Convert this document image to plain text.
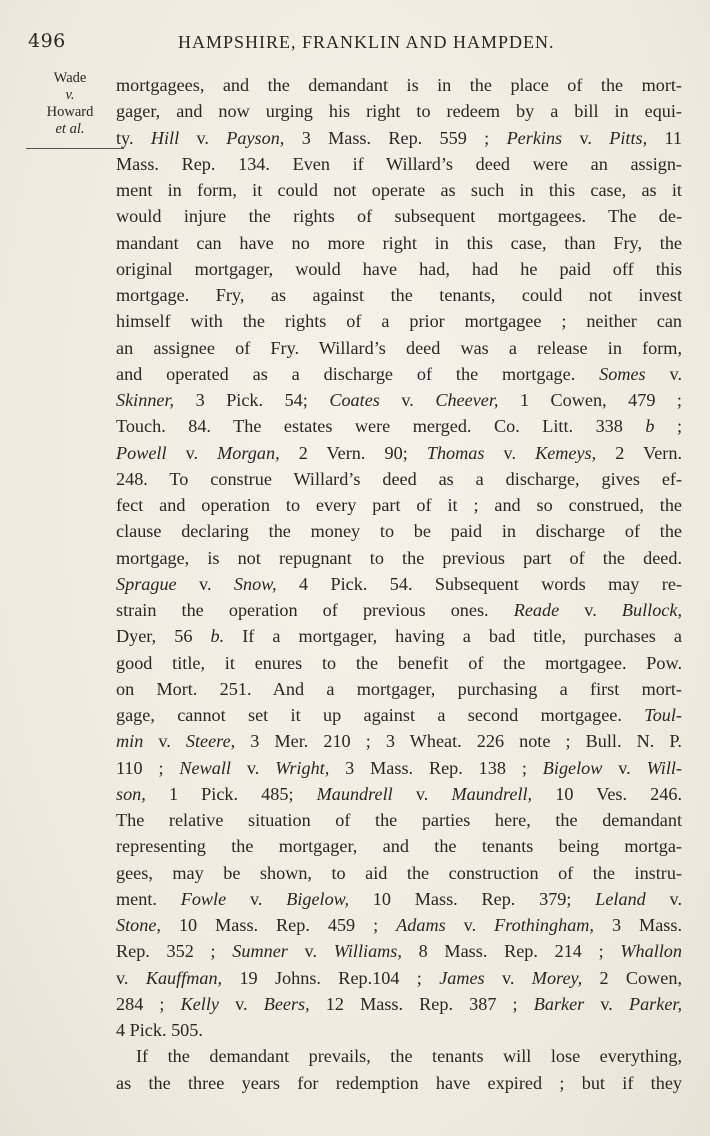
496	HAMPSHIRE, FRANKLIN AND HAMPDEN.
Wade
v.
Howard
et al.
mortgagees, and the demandant is in the place of the mort-
gager, and now urging his right to redeem by a bill in equi-
ty. Hill v. Payson, 3 Mass. Rep. 559 ; Perkins v. Pitts, 11
Mass. Rep. 134. Even if Willard’s deed were an assign-
ment in form, it could not operate as such in this case, as it
would injure the rights of subsequent mortgagees. The de-
mandant can have no more right in this case, than Fry, the
original mortgager, would have had, had he paid off this
mortgage. Fry, as against the tenants, could not invest
himself with the rights of a prior mortgagee ; neither can
an assignee of Fry. Willard’s deed was a release in form,
and operated as a discharge of the mortgage. Somes v.
Skinner, 3 Pick. 54; Coates v. Cheever, 1 Cowen, 479 ;
Touch. 84. The estates were merged. Co. Litt. 338 b ;
Powell v. Morgan, 2 Vern. 90; Thomas v. Kemeys, 2 Vern.
248. To construe Willard’s deed as a discharge, gives ef-
fect and operation to every part of it ; and so construed, the
clause declaring the money to be paid in discharge of the
mortgage, is not repugnant to the previous part of the deed.
Sprague v. Snow, 4 Pick. 54. Subsequent words may re-
strain the operation of previous ones. Reade v. Bullock,
Dyer, 56 b. If a mortgager, having a bad title, purchases a
good title, it enures to the benefit of the mortgagee. Pow.
on Mort. 251. And a mortgager, purchasing a first mort-
gage, cannot set it up against a second mortgagee. Toul-
min v. Steere, 3 Mer. 210 ; 3 Wheat. 226 note ; Bull. N. P.
110 ; Newall v. Wright, 3 Mass. Rep. 138 ; Bigelow v. Will-
son, 1 Pick. 485; Maundrell v. Maundrell, 10 Ves. 246.
The relative situation of the parties here, the demandant
representing the mortgager, and the tenants being mortga-
gees, may be shown, to aid the construction of the instru-
ment. Fowle v. Bigelow, 10 Mass. Rep. 379; Leland v.
Stone, 10 Mass. Rep. 459 ; Adams v. Frothingham, 3 Mass.
Rep. 352 ; Sumner v. Williams, 8 Mass. Rep. 214 ; Whallon
v. Kauffman, 19 Johns. Rep.104 ; James v. Morey, 2 Cowen,
284 ; Kelly v. Beers, 12 Mass. Rep. 387 ; Barker v. Parker,
4 Pick. 505.
If the demandant prevails, the tenants will lose everything,
as the three years for redemption have expired ; but if they
